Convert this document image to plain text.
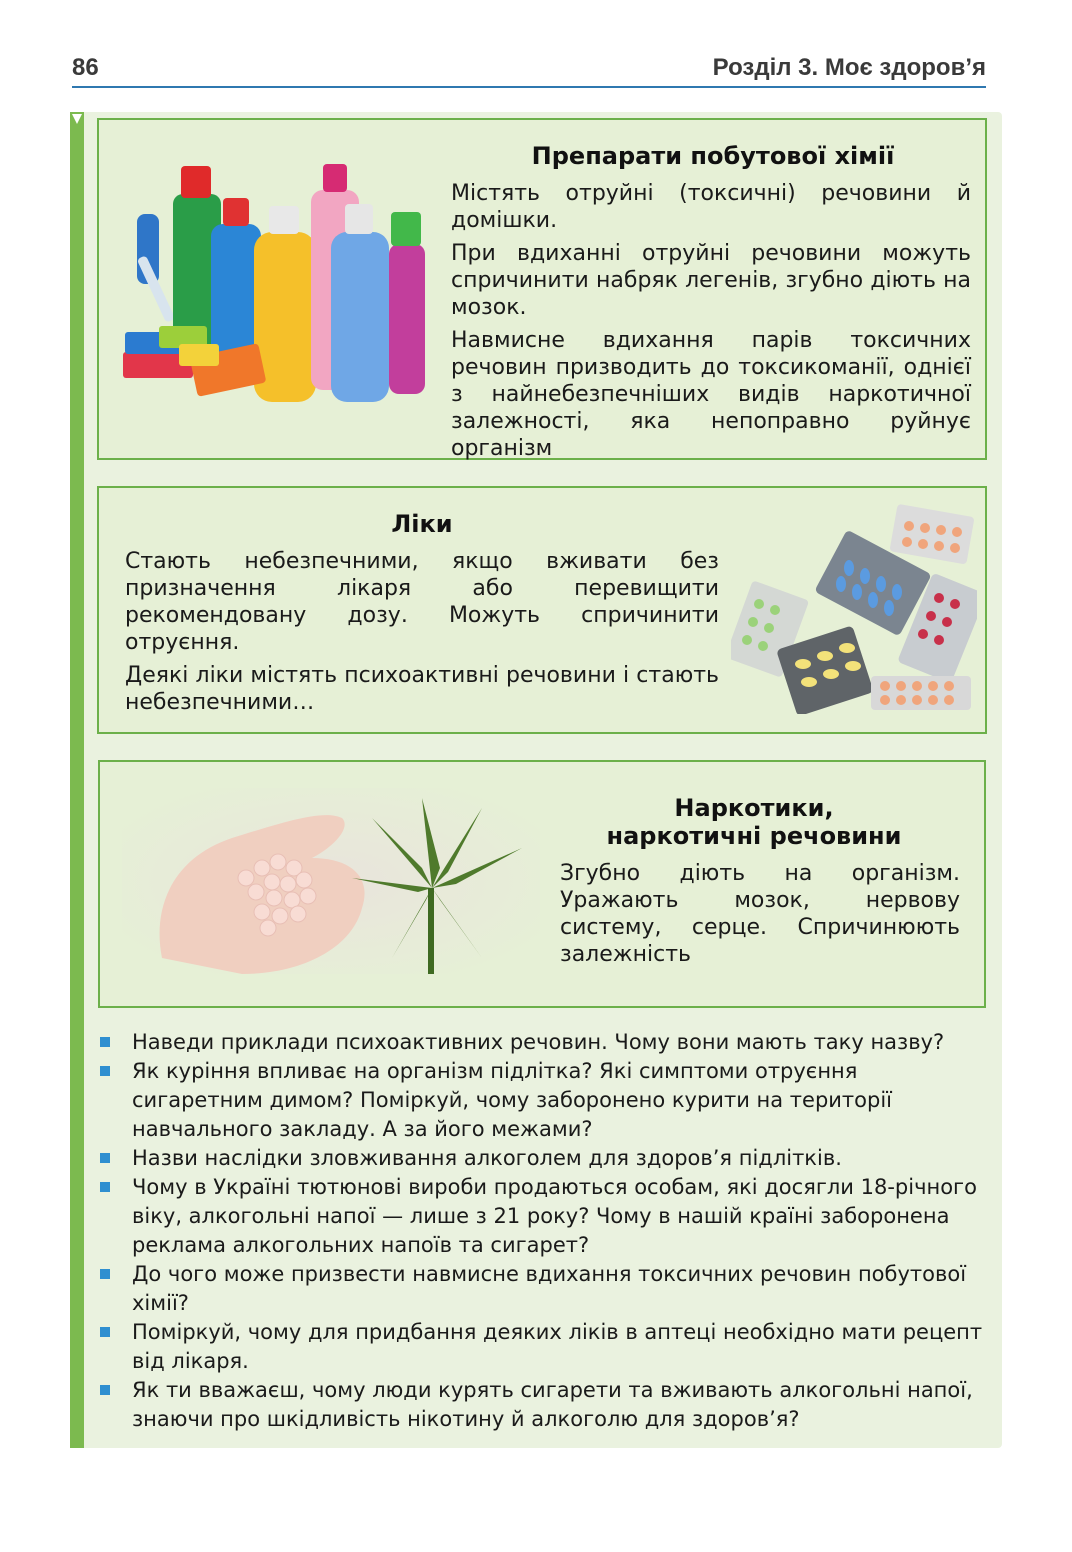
86	Розділ 3. Моє здоров’я
Препарати побутової хімії

Містять отруйні (токсичні) речовини й домішки.

При вдиханні отруйні речовини можуть спричинити набряк легенів, згубно діють на мозок.

Навмисне вдихання парів токсичних речовин призводить до токсикоманії, однієї з найнебезпечніших видів наркотичної залежності, яка непоправно руйнує організм

Ліки

Стають небезпечними, якщо вживати без призначення лікаря або перевищити рекомендовану дозу. Можуть спричинити отруєння.

Деякі ліки містять психоактивні речовини і стають небезпечними…

Наркотики,
наркотичні речовини

Згубно діють на організм. Уражають мозок, нервову систему, серце. Спричинюють залежність

Наведи приклади психоактивних речовин. Чому вони мають таку назву?
Як куріння впливає на організм підлітка? Які симптоми отруєння сигаретним димом? Поміркуй, чому заборонено курити на території навчального закладу. А за його межами?
Назви наслідки зловживання алкоголем для здоров’я підлітків.
Чому в Україні тютюнові вироби продаються особам, які досягли 18-річного віку, алкогольні напої — лише з 21 року? Чому в нашій країні заборонена реклама алкогольних напоїв та сигарет?
До чого може призвести навмисне вдихання токсичних речовин побутової хімії?
Поміркуй, чому для придбання деяких ліків в аптеці необхідно мати рецепт від лікаря.
Як ти вважаєш, чому люди курять сигарети та вживають алкогольні напої, знаючи про шкідливість нікотину й алкоголю для здоров’я?
